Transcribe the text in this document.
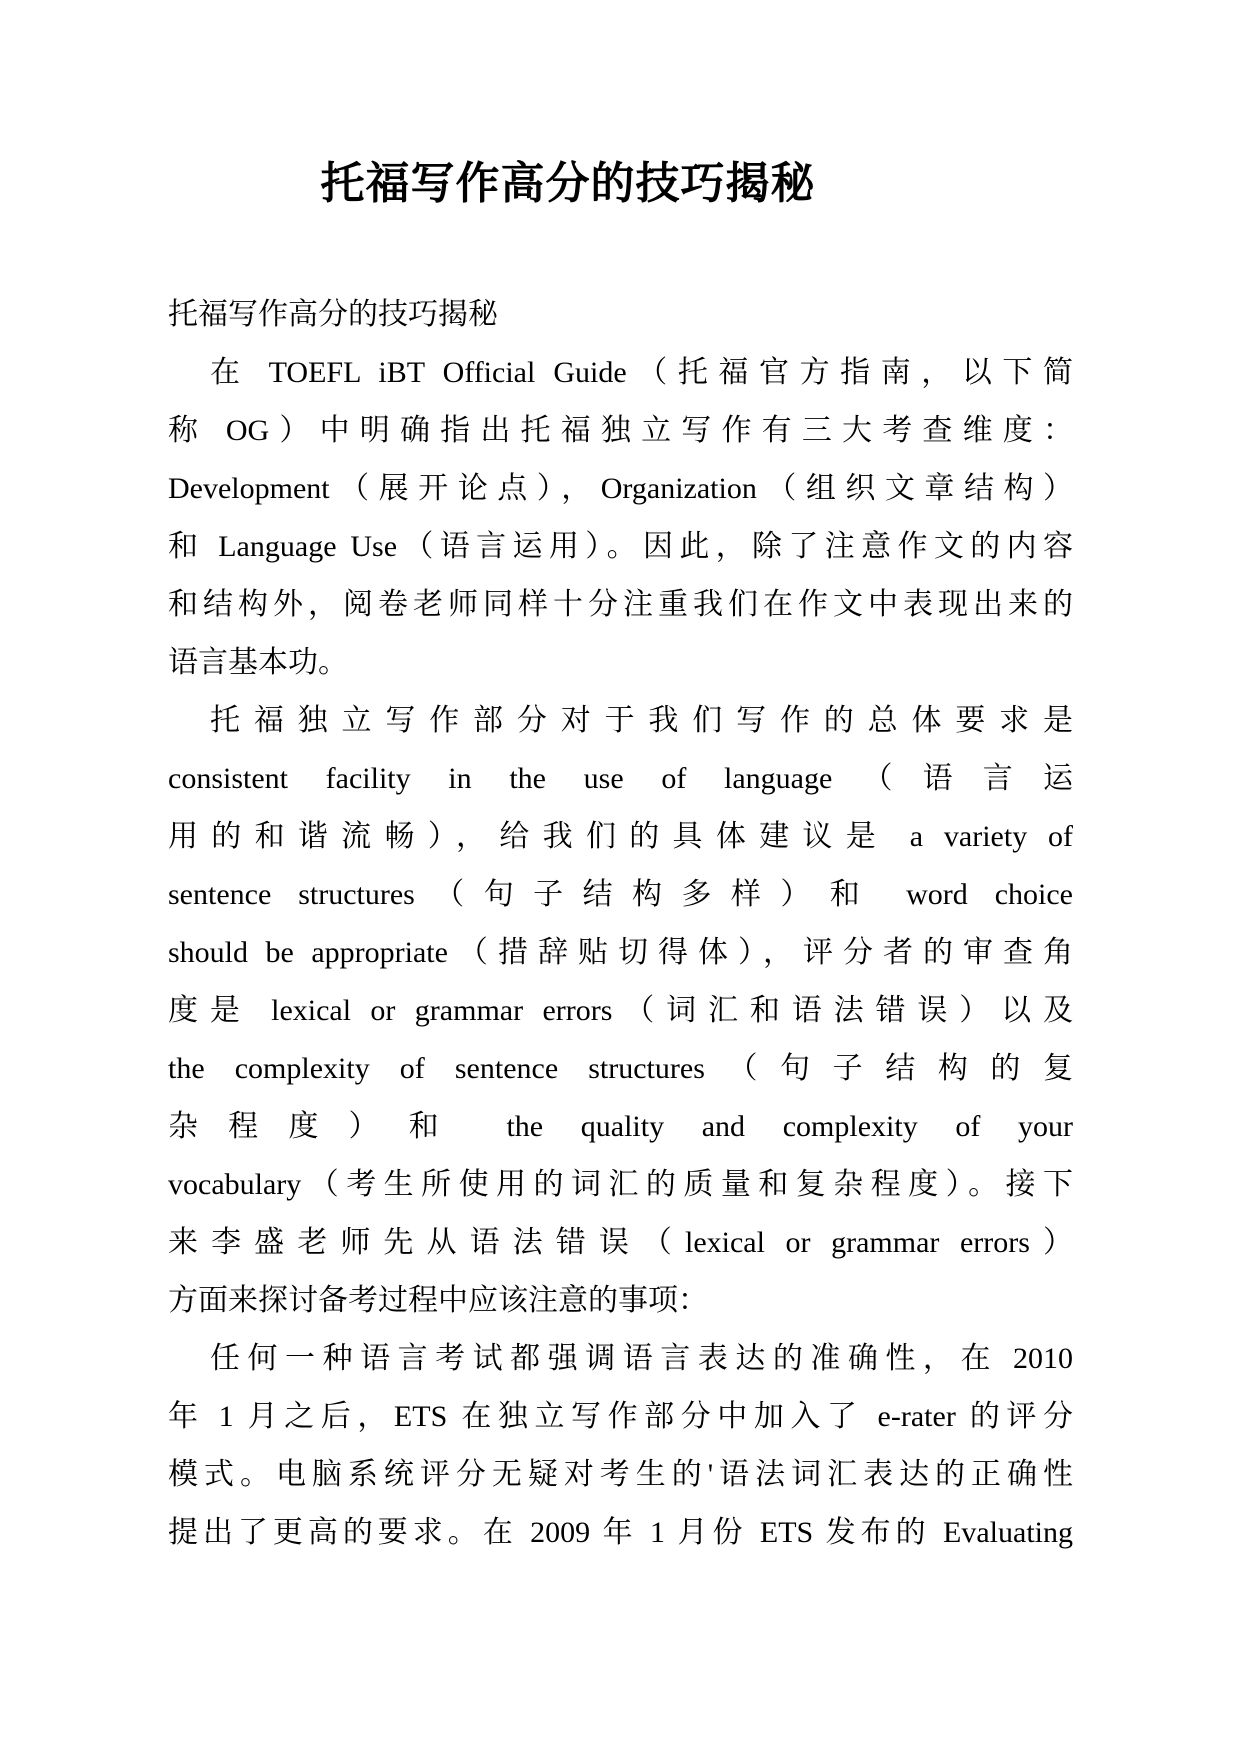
托福写作高分的技巧揭秘
托福写作高分的技巧揭秘
在 TOEFL iBT Official Guide（托福官方指南，以下简
称 OG）中明确指出托福独立写作有三大考查维度：
Development（展开论点），Organization（组织文章结构）
和 Language Use（语言运用）。因此，除了注意作文的内容
和结构外，阅卷老师同样十分注重我们在作文中表现出来的
语言基本功。
托福独立写作部分对于我们写作的总体要求是
consistent facility in the use of language（语言运
用的和谐流畅），给我们的具体建议是 a variety of
sentence structures（句子结构多样）和 word choice
should be appropriate（措辞贴切得体），评分者的审查角
度是 lexical or grammar errors（词汇和语法错误）以及
the complexity of sentence structures（句子结构的复
杂程度）和 the quality and complexity of your
vocabulary（考生所使用的词汇的质量和复杂程度）。接下
来李盛老师先从语法错误（lexical or grammar errors）
方面来探讨备考过程中应该注意的事项：
任何一种语言考试都强调语言表达的准确性，在 2010
年 1 月之后，ETS 在独立写作部分中加入了 e-rater 的评分
模式。电脑系统评分无疑对考生的'语法词汇表达的正确性
提出了更高的要求。在 2009 年 1 月份 ETS 发布的 Evaluating
